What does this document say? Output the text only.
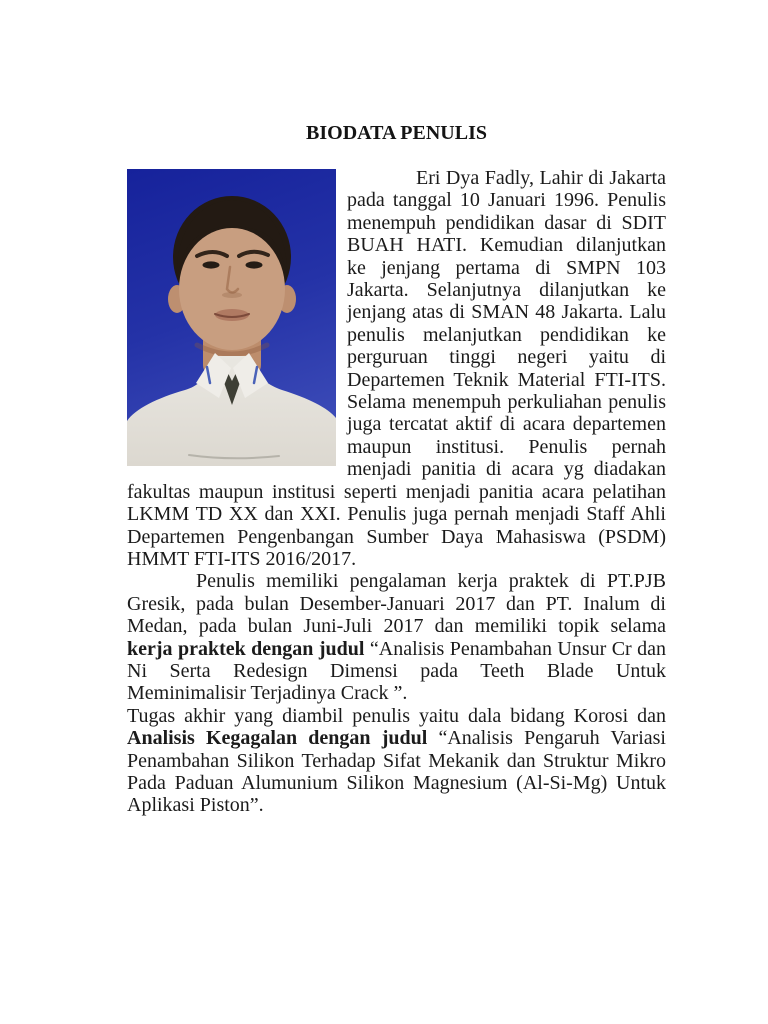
BIODATA PENULIS

Eri Dya Fadly, Lahir di Jakarta pada tanggal 10 Januari 1996. Penulis menempuh pendidikan dasar di SDIT BUAH HATI. Kemudian dilanjutkan ke jenjang pertama di SMPN 103 Jakarta. Selanjutnya dilanjutkan ke jenjang atas di SMAN 48 Jakarta. Lalu penulis melanjutkan pendidikan ke perguruan tinggi negeri yaitu di Departemen Teknik Material FTI-ITS. Selama menempuh perkuliahan penulis juga tercatat aktif di acara departemen maupun institusi. Penulis pernah menjadi panitia di acara yg diadakan fakultas maupun institusi seperti menjadi panitia acara pelatihan LKMM TD XX dan XXI. Penulis juga pernah menjadi Staff Ahli Departemen Pengenbangan Sumber Daya Mahasiswa (PSDM) HMMT FTI-ITS 2016/2017.

Penulis memiliki pengalaman kerja praktek di PT.PJB Gresik, pada bulan Desember-Januari 2017 dan PT. Inalum di Medan, pada bulan Juni-Juli 2017 dan memiliki topik selama kerja praktek dengan judul “Analisis Penambahan Unsur Cr dan Ni Serta Redesign Dimensi pada Teeth Blade Untuk Meminimalisir Terjadinya Crack ”.

Tugas akhir yang diambil penulis yaitu dala bidang Korosi dan Analisis Kegagalan dengan judul “Analisis Pengaruh Variasi Penambahan Silikon Terhadap Sifat Mekanik dan Struktur Mikro Pada Paduan Alumunium Silikon Magnesium (Al-Si-Mg) Untuk Aplikasi Piston”.
